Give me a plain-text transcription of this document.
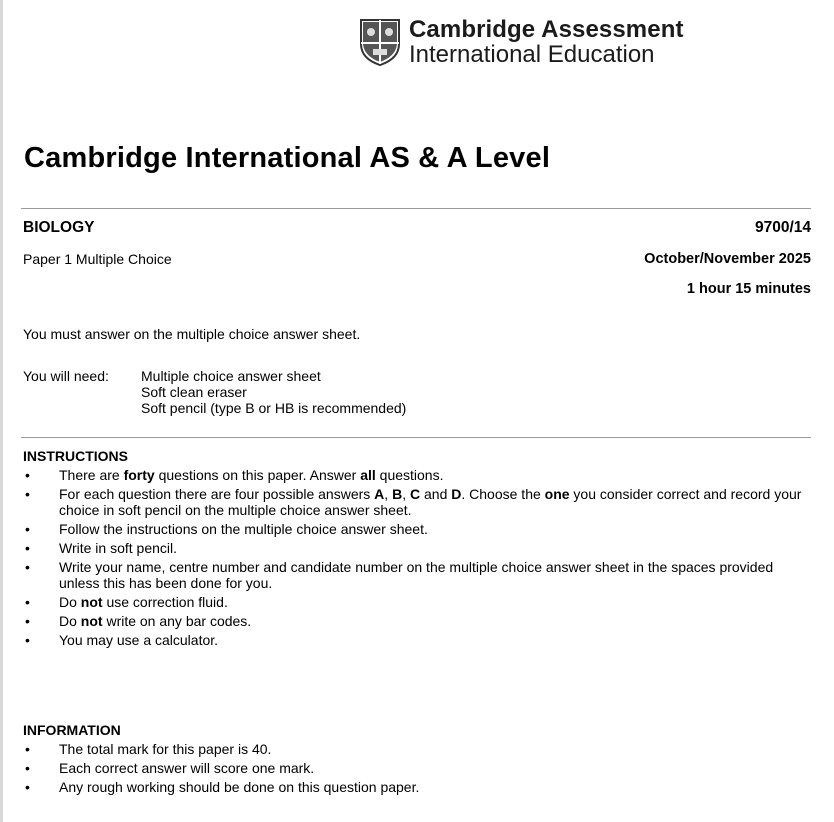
Cambridge Assessment
International Education
Cambridge International AS & A Level
BIOLOGY	9700/14
Paper 1 Multiple Choice	October/November 2025
1 hour 15 minutes
You must answer on the multiple choice answer sheet.
You will need:	Multiple choice answer sheet
Soft clean eraser
Soft pencil (type B or HB is recommended)
INSTRUCTIONS
• There are forty questions on this paper. Answer all questions.
• For each question there are four possible answers A, B, C and D. Choose the one you consider correct and record your choice in soft pencil on the multiple choice answer sheet.
• Follow the instructions on the multiple choice answer sheet.
• Write in soft pencil.
• Write your name, centre number and candidate number on the multiple choice answer sheet in the spaces provided unless this has been done for you.
• Do not use correction fluid.
• Do not write on any bar codes.
• You may use a calculator.
INFORMATION
• The total mark for this paper is 40.
• Each correct answer will score one mark.
• Any rough working should be done on this question paper.
